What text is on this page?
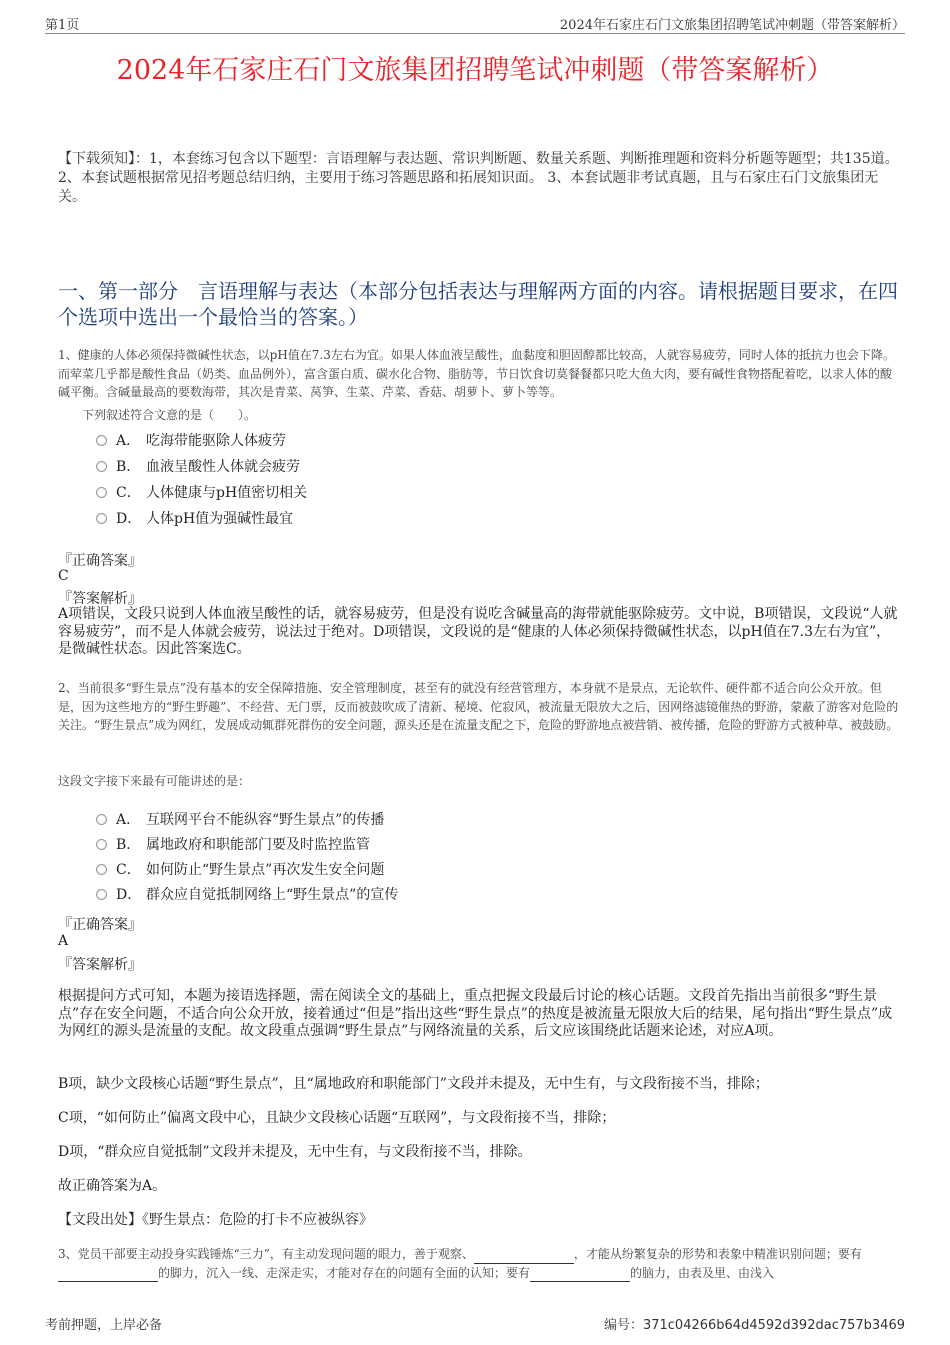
第1页	2024年石家庄石门文旅集团招聘笔试冲刺题（带答案解析）
2024年石家庄石门文旅集团招聘笔试冲刺题（带答案解析）
【下载须知】：1，本套练习包含以下题型：言语理解与表达题、常识判断题、数量关系题、判断推理题和资料分析题等题型；共135道。 2、本套试题根据常见招考题总结归纳，主要用于练习答题思路和拓展知识面。 3、本套试题非考试真题，且与石家庄石门文旅集团无关。
一、第一部分　言语理解与表达（本部分包括表达与理解两方面的内容。请根据题目要求，在四个选项中选出一个最恰当的答案。）
1、健康的人体必须保持微碱性状态，以pH值在7.3左右为宜。如果人体血液呈酸性，血黏度和胆固醇都比较高，人就容易疲劳，同时人体的抵抗力也会下降。而荤菜几乎都是酸性食品（奶类、血品例外），富含蛋白质、碳水化合物、脂肪等，节日饮食切莫餐餐都只吃大鱼大肉，要有碱性食物搭配着吃，以求人体的酸碱平衡。含碱量最高的要数海带，其次是青菜、莴笋、生菜、芹菜、香菇、胡萝卜、萝卜等等。
下列叙述符合文意的是（　　）。
A． 吃海带能驱除人体疲劳
B． 血液呈酸性人体就会疲劳
C． 人体健康与pH值密切相关
D． 人体pH值为强碱性最宜
『正确答案』
C
『答案解析』
A项错误，文段只说到人体血液呈酸性的话，就容易疲劳，但是没有说吃含碱量高的海带就能驱除疲劳。文中说，B项错误，文段说“人就容易疲劳”，而不是人体就会疲劳，说法过于绝对。D项错误，文段说的是“健康的人体必须保持微碱性状态，以pH值在7.3左右为宜”，是微碱性状态。因此答案选C。
2、当前很多“野生景点”没有基本的安全保障措施、安全管理制度，甚至有的就没有经营管理方，本身就不是景点，无论软件、硬件都不适合向公众开放。但是，因为这些地方的“野生野趣”、不经营、无门票，反而被鼓吹成了清新、秘境、佗寂风，被流量无限放大之后，因网络滤镜催热的野游，蒙蔽了游客对危险的关注。“野生景点”成为网红，发展成动辄群死群伤的安全问题，源头还是在流量支配之下，危险的野游地点被营销、被传播，危险的野游方式被种草、被鼓励。
这段文字接下来最有可能讲述的是：
A． 互联网平台不能纵容“野生景点”的传播
B． 属地政府和职能部门要及时监控监管
C． 如何防止“野生景点”再次发生安全问题
D． 群众应自觉抵制网络上“野生景点”的宣传
『正确答案』
A
『答案解析』
根据提问方式可知，本题为接语选择题，需在阅读全文的基础上，重点把握文段最后讨论的核心话题。文段首先指出当前很多“野生景点”存在安全问题，不适合向公众开放，接着通过“但是”指出这些“野生景点”的热度是被流量无限放大后的结果，尾句指出“野生景点”成为网红的源头是流量的支配。故文段重点强调“野生景点”与网络流量的关系，后文应该围绕此话题来论述，对应A项。
B项，缺少文段核心话题“野生景点”，且“属地政府和职能部门”文段并未提及，无中生有，与文段衔接不当，排除；
C项，“如何防止”偏离文段中心，且缺少文段核心话题“互联网”，与文段衔接不当，排除；
D项，“群众应自觉抵制”文段并未提及，无中生有，与文段衔接不当，排除。
故正确答案为A。
【文段出处】《野生景点：危险的打卡不应被纵容》
3、党员干部要主动投身实践锤炼“三力”，有主动发现问题的眼力，善于观察、	，才能从纷繁复杂的形势和表象中精准识别问题；要有的脚力，沉入一线、走深走实，才能对存在的问题有全面的认知；要有	的脑力，由表及里、由浅入
考前押题，上岸必备	编号：371c04266b64d4592d392dac757b3469
